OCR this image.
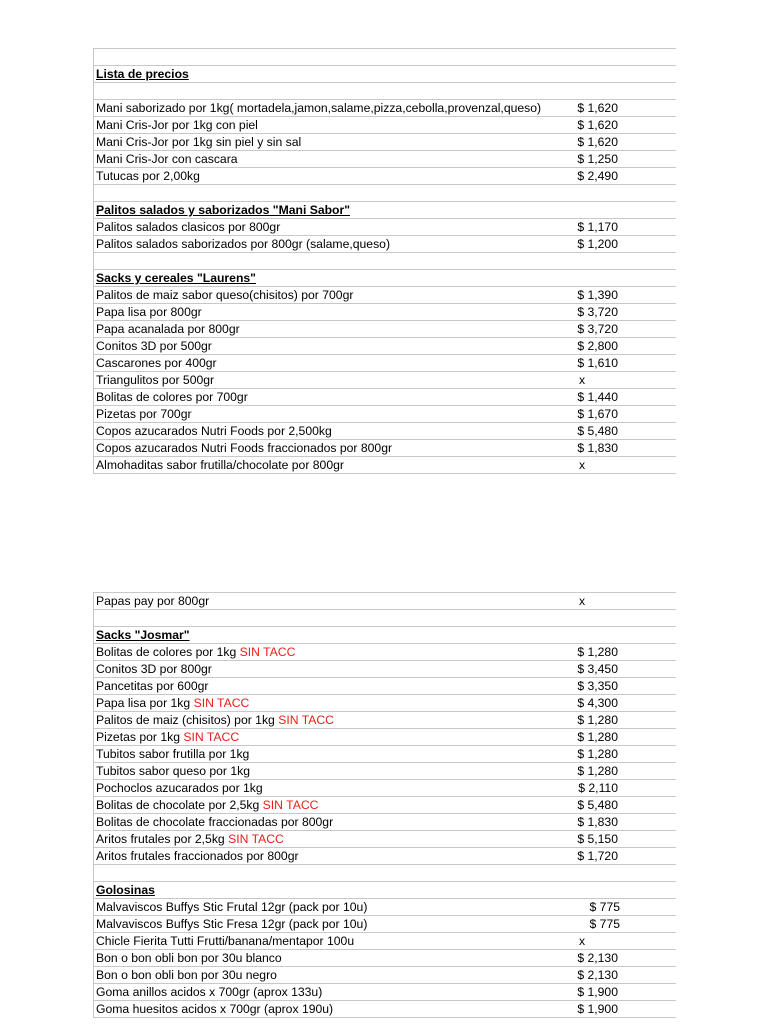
Lista de precios
Mani saborizado por 1kg( mortadela,jamon,salame,pizza,cebolla,provenzal,queso)	$ 1,620
Mani Cris-Jor por 1kg con piel	$ 1,620
Mani Cris-Jor por 1kg sin piel y sin sal	$ 1,620
Mani Cris-Jor con cascara	$ 1,250
Tutucas por 2,00kg	$ 2,490
Palitos salados y saborizados "Mani Sabor"
Palitos salados clasicos por 800gr	$ 1,170
Palitos salados saborizados por 800gr (salame,queso)	$ 1,200
Sacks y cereales "Laurens"
Palitos de maiz sabor queso(chisitos) por 700gr	$ 1,390
Papa lisa por 800gr	$ 3,720
Papa acanalada por 800gr	$ 3,720
Conitos 3D por 500gr	$ 2,800
Cascarones por 400gr	$ 1,610
Triangulitos por 500gr	x
Bolitas de colores por 700gr	$ 1,440
Pizetas por 700gr	$ 1,670
Copos azucarados Nutri Foods por 2,500kg	$ 5,480
Copos azucarados Nutri Foods fraccionados por 800gr	$ 1,830
Almohaditas sabor frutilla/chocolate por 800gr	x
Papas pay por 800gr	x
Sacks "Josmar"
Bolitas de colores por 1kg SIN TACC	$ 1,280
Conitos 3D por 800gr	$ 3,450
Pancetitas por 600gr	$ 3,350
Papa lisa por 1kg SIN TACC	$ 4,300
Palitos de maiz (chisitos) por 1kg SIN TACC	$ 1,280
Pizetas por 1kg SIN TACC	$ 1,280
Tubitos sabor frutilla por 1kg	$ 1,280
Tubitos sabor queso por 1kg	$ 1,280
Pochoclos azucarados por 1kg	$ 2,110
Bolitas de chocolate por 2,5kg SIN TACC	$ 5,480
Bolitas de chocolate fraccionadas por 800gr	$ 1,830
Aritos frutales por 2,5kg SIN TACC	$ 5,150
Aritos frutales fraccionados por 800gr	$ 1,720
Golosinas
Malvaviscos Buffys Stic Frutal 12gr (pack por 10u)	$ 775
Malvaviscos Buffys Stic Fresa 12gr (pack por 10u)	$ 775
Chicle Fierita Tutti Frutti/banana/mentapor 100u	x
Bon o bon obli bon por 30u blanco	$ 2,130
Bon o bon obli bon por 30u negro	$ 2,130
Goma anillos acidos x 700gr (aprox 133u)	$ 1,900
Goma huesitos acidos x 700gr (aprox 190u)	$ 1,900
